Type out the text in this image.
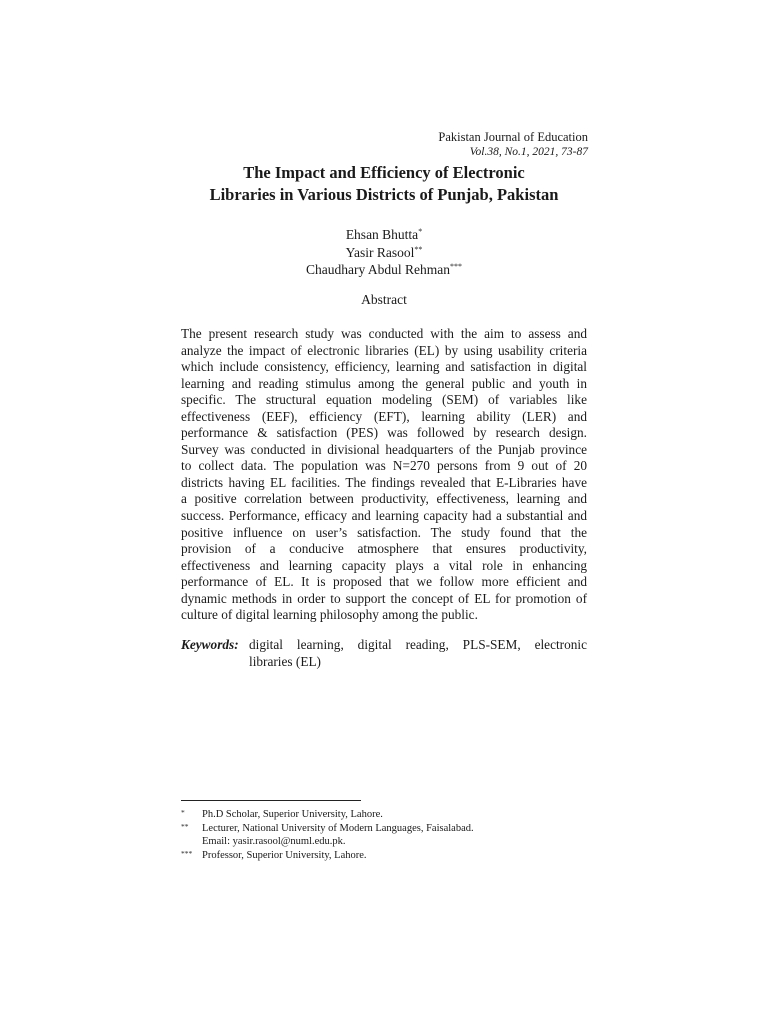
Pakistan Journal of Education
Vol.38, No.1, 2021, 73-87
The Impact and Efficiency of Electronic
Libraries in Various Districts of Punjab, Pakistan
Ehsan Bhutta*
Yasir Rasool**
Chaudhary Abdul Rehman***
Abstract
The present research study was conducted with the aim to assess and
analyze the impact of electronic libraries (EL) by using usability criteria
which include consistency, efficiency, learning and satisfaction in digital
learning and reading stimulus among the general public and youth in
specific. The structural equation modeling (SEM) of variables like
effectiveness (EEF), efficiency (EFT), learning ability (LER) and
performance & satisfaction (PES) was followed by research design.
Survey was conducted in divisional headquarters of the Punjab province
to collect data. The population was N=270 persons from 9 out of 20
districts having EL facilities. The findings revealed that E-Libraries have
a positive correlation between productivity, effectiveness, learning and
success. Performance, efficacy and learning capacity had a substantial and
positive influence on user’s satisfaction. The study found that the
provision of a conducive atmosphere that ensures productivity,
effectiveness and learning capacity plays a vital role in enhancing
performance of EL. It is proposed that we follow more efficient and
dynamic methods in order to support the concept of EL for promotion of
culture of digital learning philosophy among the public.
Keywords: digital learning, digital reading, PLS-SEM, electronic
libraries (EL)
* Ph.D Scholar, Superior University, Lahore.
** Lecturer, National University of Modern Languages, Faisalabad.
Email: yasir.rasool@numl.edu.pk.
*** Professor, Superior University, Lahore.
